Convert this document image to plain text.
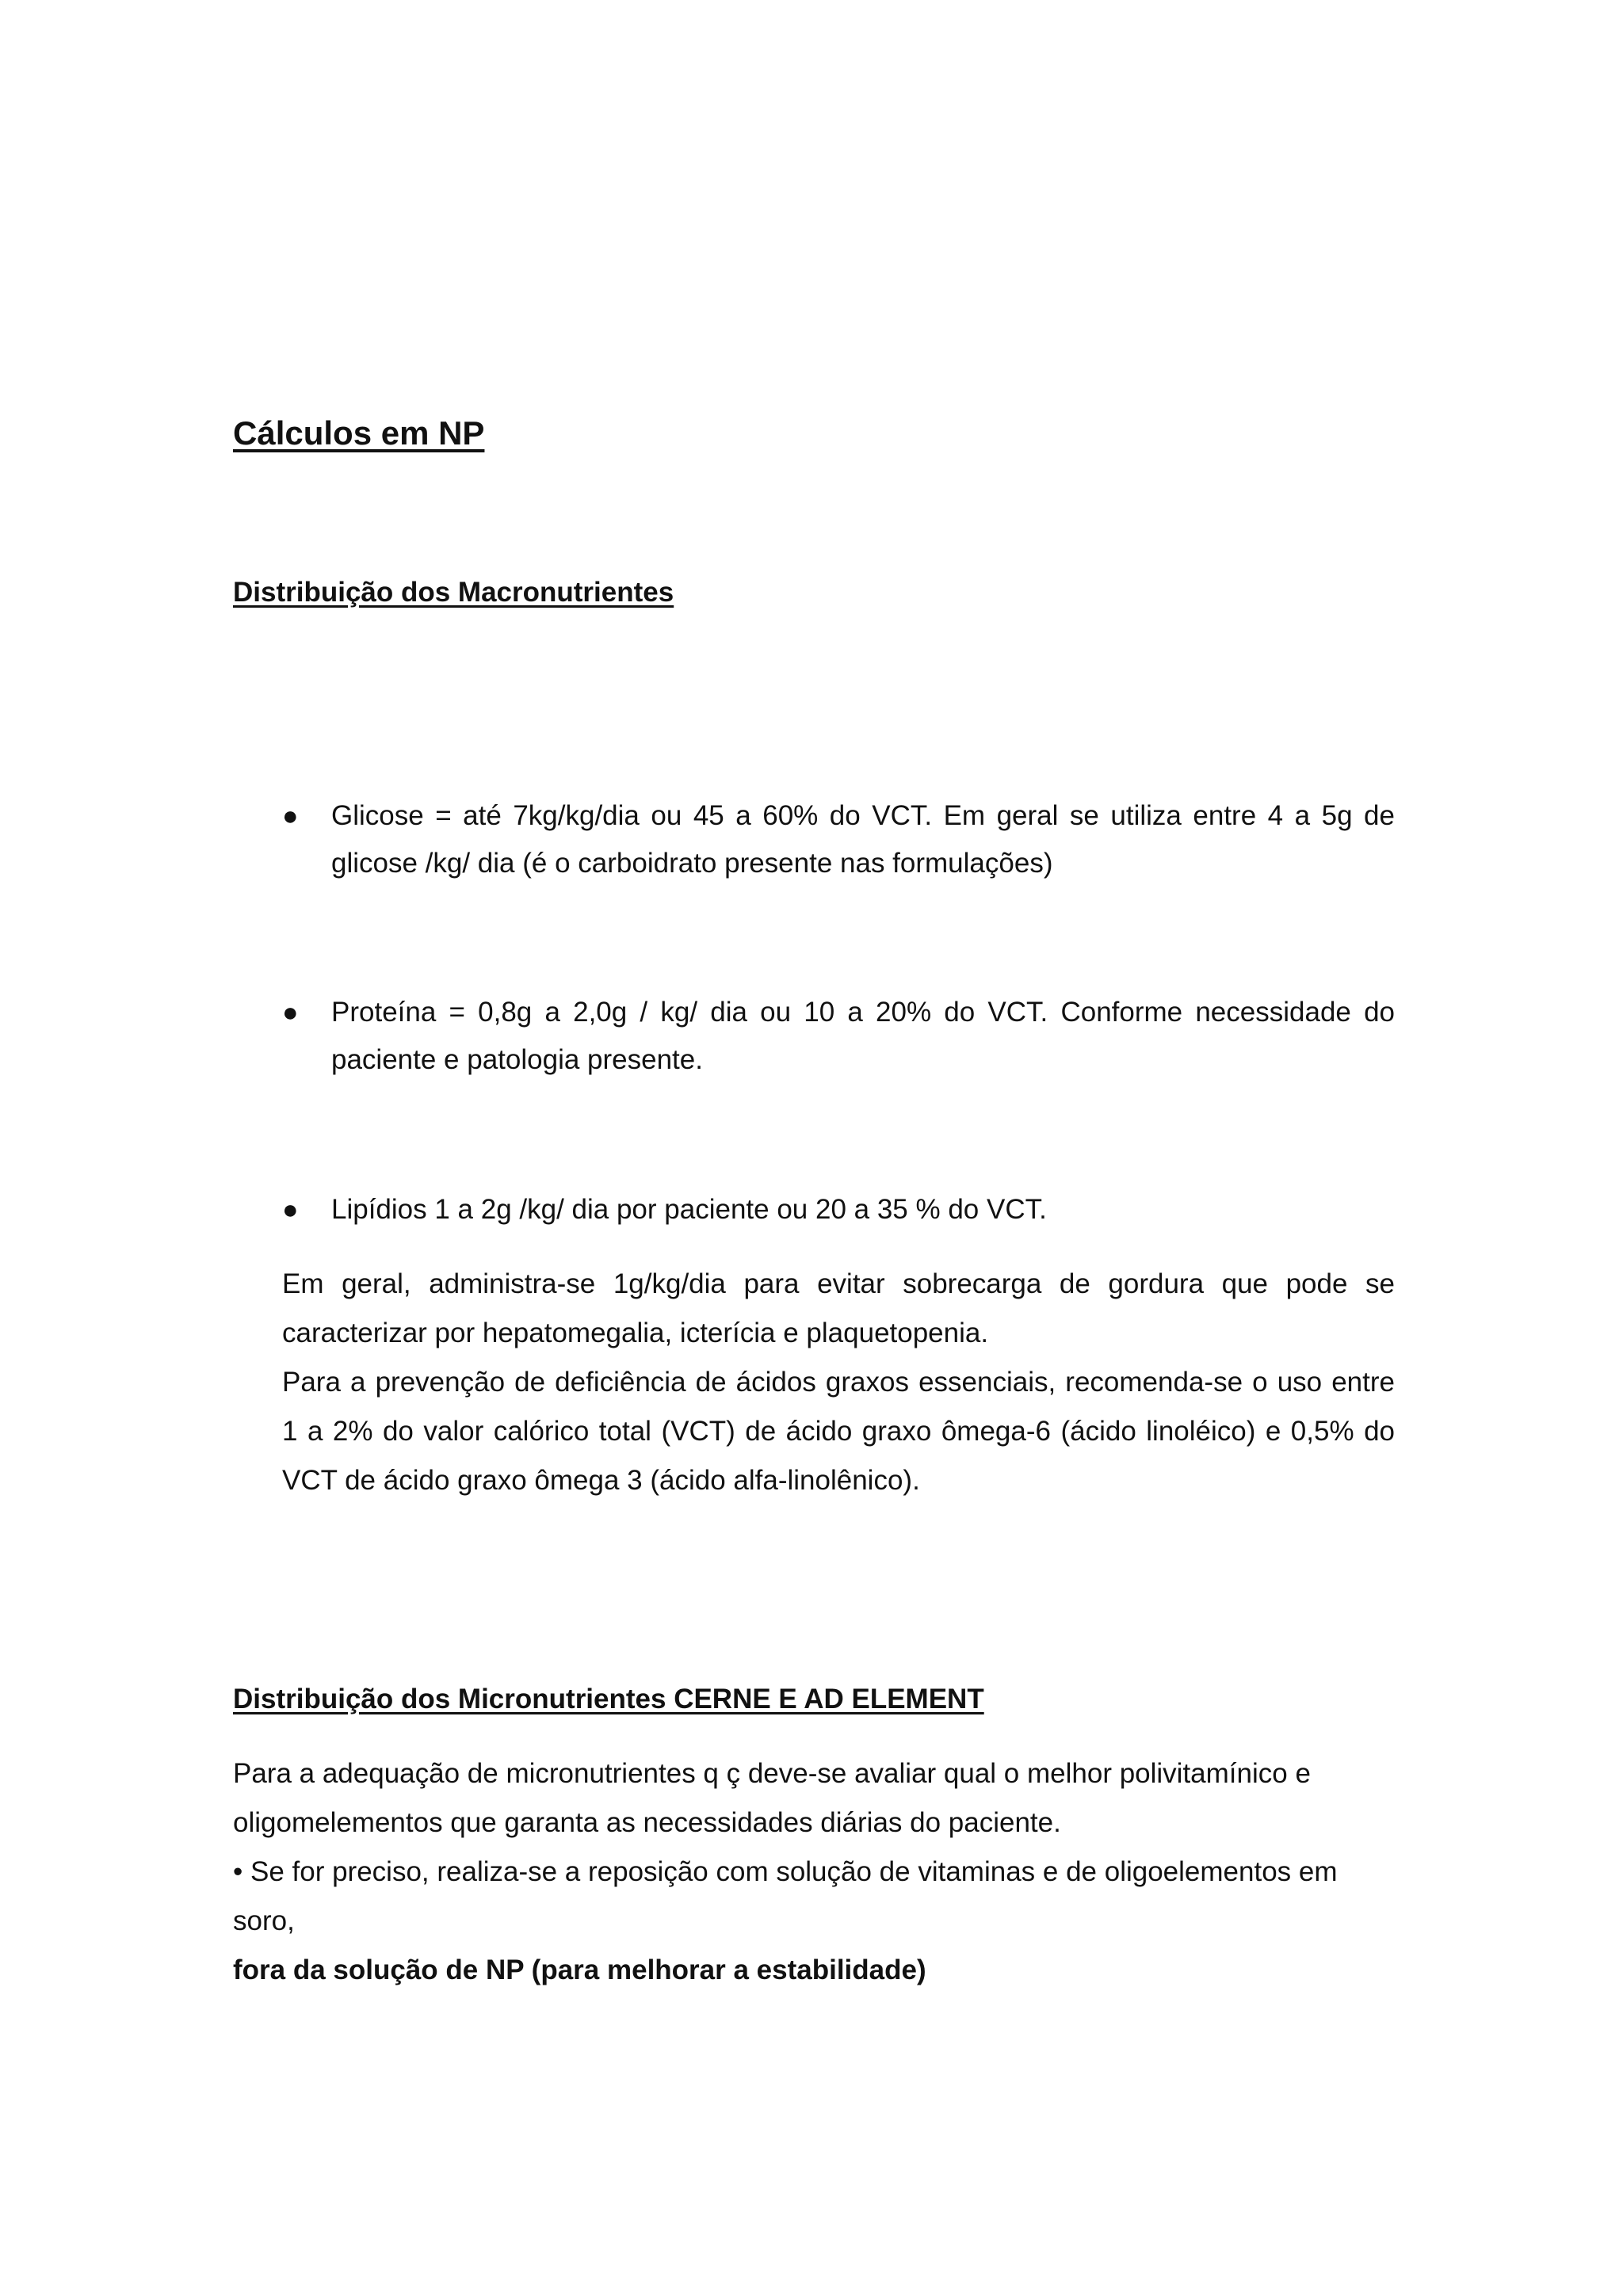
Cálculos em NP
Distribuição dos Macronutrientes
●	Glicose = até 7kg/kg/dia ou 45 a 60% do VCT. Em geral se utiliza entre 4 a 5g de glicose /kg/ dia (é o carboidrato presente nas formulações)
●	Proteína = 0,8g a 2,0g / kg/ dia ou 10 a 20% do VCT. Conforme necessidade do paciente e patologia presente.
●	Lipídios 1 a 2g /kg/ dia por paciente ou 20 a 35 % do VCT.
Em geral, administra-se 1g/kg/dia para evitar sobrecarga de gordura que pode se caracterizar por hepatomegalia, icterícia e plaquetopenia.
Para a prevenção de deficiência de ácidos graxos essenciais, recomenda-se o uso entre 1 a 2% do valor calórico total (VCT) de ácido graxo ômega-6 (ácido linoléico) e 0,5% do VCT de ácido graxo ômega 3 (ácido alfa-linolênico).
Distribuição dos Micronutrientes CERNE E AD ELEMENT
Para a adequação de micronutrientes q ç deve-se avaliar qual o melhor polivitamínico e
oligomelementos que garanta as necessidades diárias do paciente.
• Se for preciso, realiza-se a reposição com solução de vitaminas e de oligoelementos em soro,
fora da solução de NP (para melhorar a estabilidade)
